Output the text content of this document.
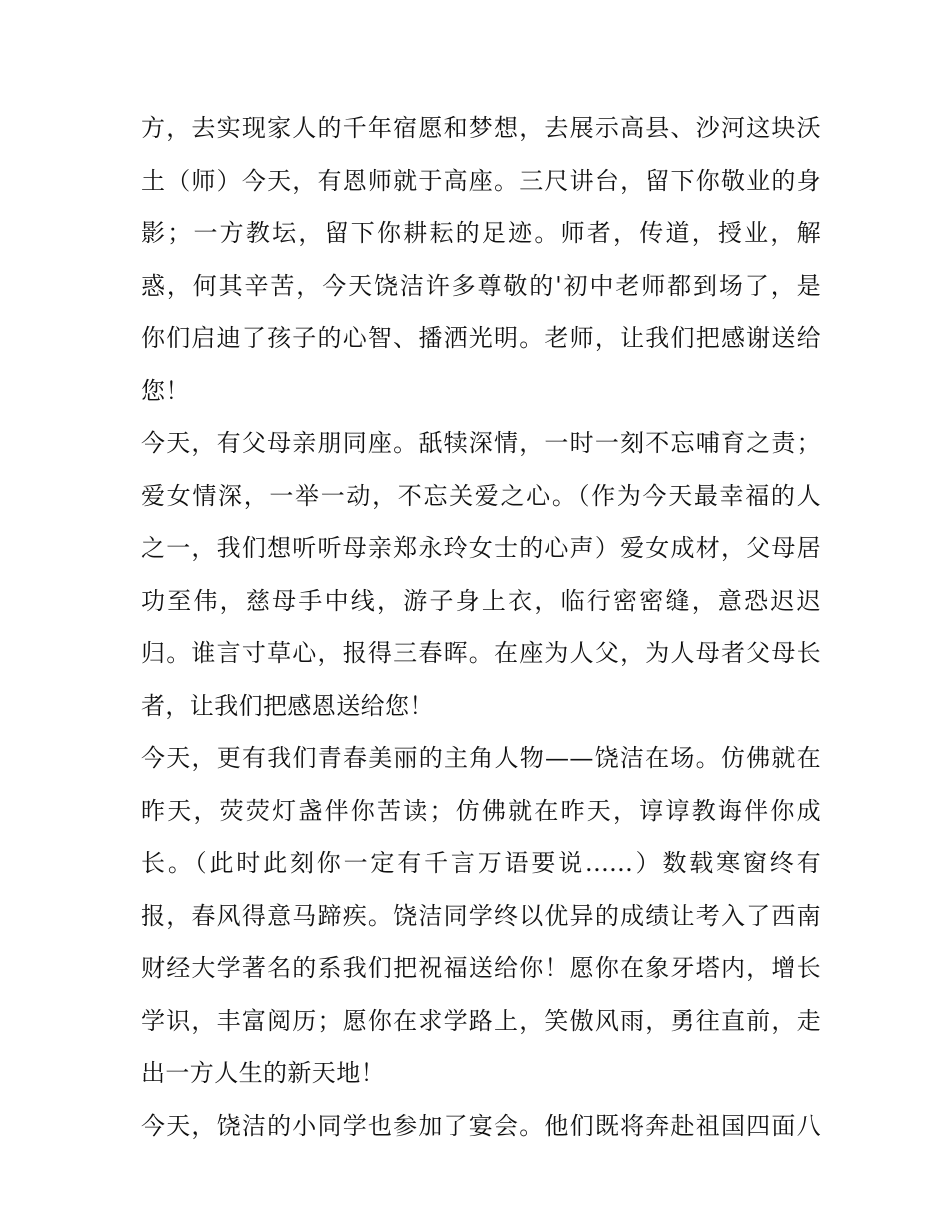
方，去实现家人的千年宿愿和梦想，去展示高县、沙河这块沃
土（师）今天，有恩师就于高座。三尺讲台，留下你敬业的身
影；一方教坛，留下你耕耘的足迹。师者，传道，授业，解
惑，何其辛苦，今天饶洁许多尊敬的'初中老师都到场了，是
你们启迪了孩子的心智、播洒光明。老师，让我们把感谢送给
您！
今天，有父母亲朋同座。舐犊深情，一时一刻不忘哺育之责；
爱女情深，一举一动，不忘关爱之心。（作为今天最幸福的人
之一，我们想听听母亲郑永玲女士的心声）爱女成材，父母居
功至伟，慈母手中线，游子身上衣，临行密密缝，意恐迟迟
归。谁言寸草心，报得三春晖。在座为人父，为人母者父母长
者，让我们把感恩送给您！
今天，更有我们青春美丽的主角人物——饶洁在场。仿佛就在
昨天，荧荧灯盏伴你苦读；仿佛就在昨天，谆谆教诲伴你成
长。（此时此刻你一定有千言万语要说......）数载寒窗终有
报，春风得意马蹄疾。饶洁同学终以优异的成绩让考入了西南
财经大学著名的系我们把祝福送给你！愿你在象牙塔内，增长
学识，丰富阅历；愿你在求学路上，笑傲风雨，勇往直前，走
出一方人生的新天地！
今天，饶洁的小同学也参加了宴会。他们既将奔赴祖国四面八
